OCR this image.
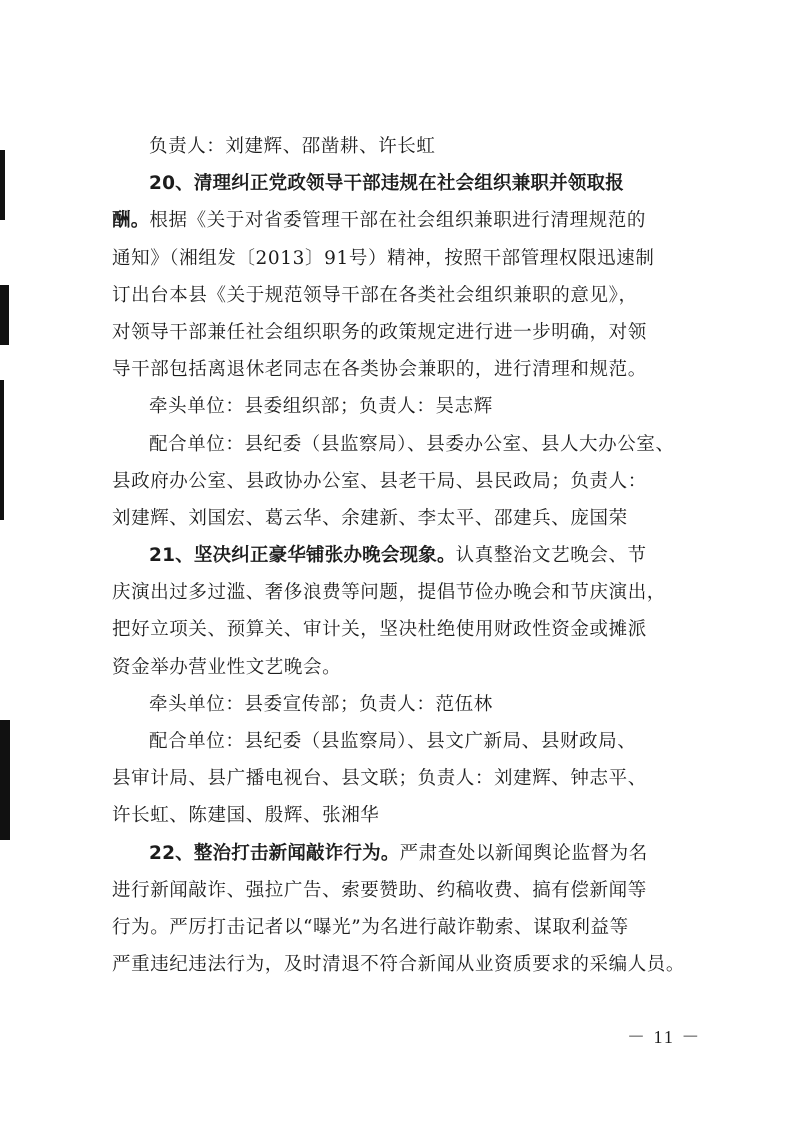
负责人：刘建辉、邵凿耕、许长虹
20、清理纠正党政领导干部违规在社会组织兼职并领取报
酬。根据《关于对省委管理干部在社会组织兼职进行清理规范的
通知》（湘组发〔2013〕91号）精神，按照干部管理权限迅速制
订出台本县《关于规范领导干部在各类社会组织兼职的意见》，
对领导干部兼任社会组织职务的政策规定进行进一步明确，对领
导干部包括离退休老同志在各类协会兼职的，进行清理和规范。
牵头单位：县委组织部；负责人：吴志辉
配合单位：县纪委（县监察局）、县委办公室、县人大办公室、
县政府办公室、县政协办公室、县老干局、县民政局；负责人：
刘建辉、刘国宏、葛云华、余建新、李太平、邵建兵、庞国荣
21、坚决纠正豪华铺张办晚会现象。认真整治文艺晚会、节
庆演出过多过滥、奢侈浪费等问题，提倡节俭办晚会和节庆演出，
把好立项关、预算关、审计关，坚决杜绝使用财政性资金或摊派
资金举办营业性文艺晚会。
牵头单位：县委宣传部；负责人：范伍林
配合单位：县纪委（县监察局）、县文广新局、县财政局、
县审计局、县广播电视台、县文联；负责人：刘建辉、钟志平、
许长虹、陈建国、殷辉、张湘华
22、整治打击新闻敲诈行为。严肃查处以新闻舆论监督为名
进行新闻敲诈、强拉广告、索要赞助、约稿收费、搞有偿新闻等
行为。严厉打击记者以“曝光”为名进行敲诈勒索、谋取利益等
严重违纪违法行为，及时清退不符合新闻从业资质要求的采编人员。
－ 11 －
